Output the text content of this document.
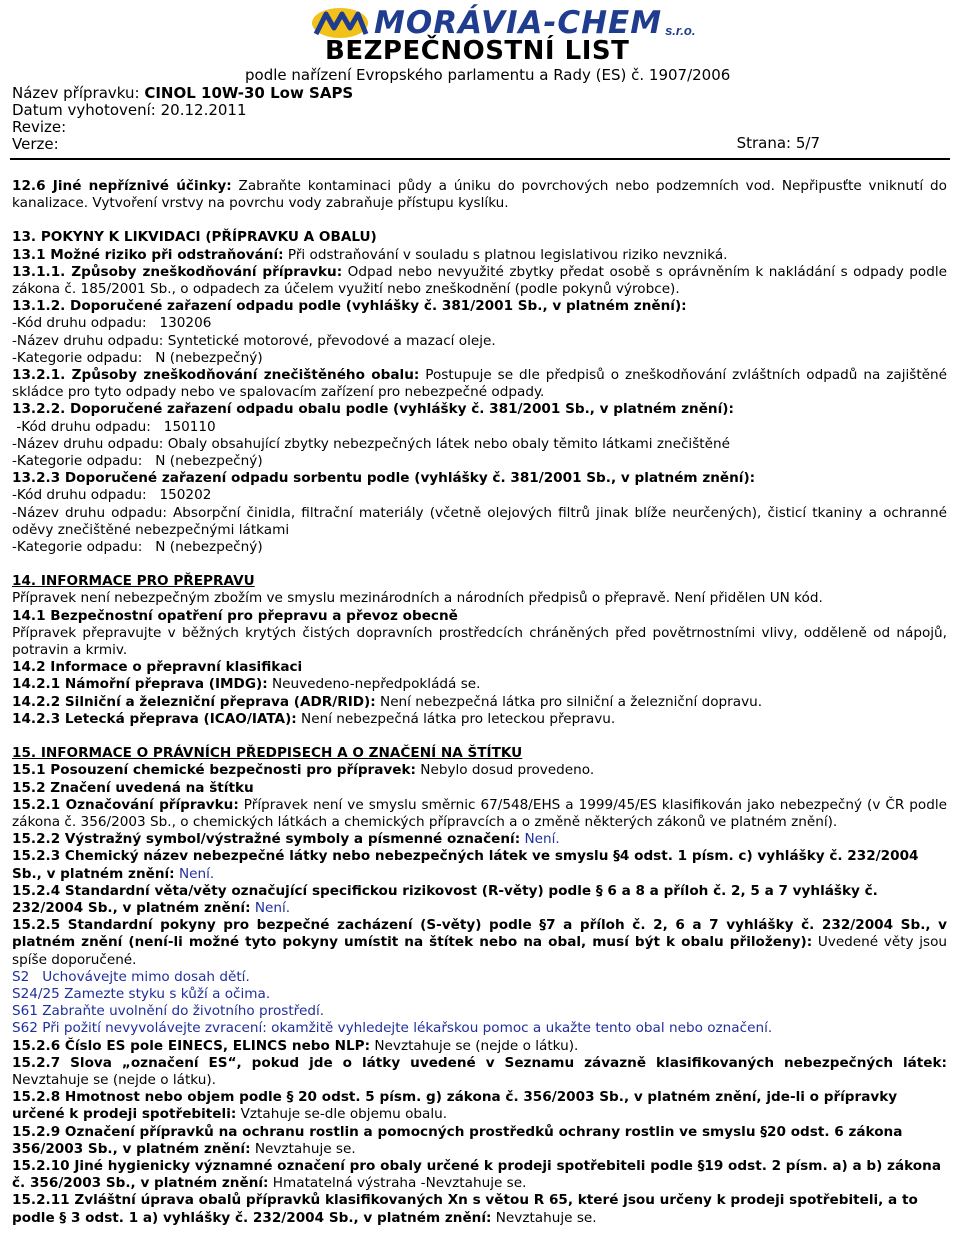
MORÁVIA-CHEM s.r.o.
BEZPEČNOSTNÍ LIST
podle nařízení Evropského parlamentu a Rady (ES) č. 1907/2006
Název přípravku: CINOL 10W-30 Low SAPS
Datum vyhotovení: 20.12.2011
Revize:
Verze:	Strana: 5/7

12.6 Jiné nepříznivé účinky: Zabraňte kontaminaci půdy a úniku do povrchových nebo podzemních vod. Nepřipusťte vniknutí do kanalizace. Vytvoření vrstvy na povrchu vody zabraňuje přístupu kyslíku.

13. POKYNY K LIKVIDACI (PŘÍPRAVKU A OBALU)

13.1 Možné riziko při odstraňování: Při odstraňování v souladu s platnou legislativou riziko nevzniká.

13.1.1. Způsoby zneškodňování přípravku: Odpad nebo nevyužité zbytky předat osobě s oprávněním k nakládání s odpady podle zákona č. 185/2001 Sb., o odpadech za účelem využití nebo zneškodnění (podle pokynů výrobce).

13.1.2. Doporučené zařazení odpadu podle (vyhlášky č. 381/2001 Sb., v platném znění):

-Kód druhu odpadu:   130206

-Název druhu odpadu: Syntetické motorové, převodové a mazací oleje.

-Kategorie odpadu:   N (nebezpečný)

13.2.1. Způsoby zneškodňování znečištěného obalu: Postupuje se dle předpisů o zneškodňování zvláštních odpadů na zajištěné skládce pro tyto odpady nebo ve spalovacím zařízení pro nebezpečné odpady.

13.2.2. Doporučené zařazení odpadu obalu podle (vyhlášky č. 381/2001 Sb., v platném znění):

-Kód druhu odpadu:   150110

-Název druhu odpadu: Obaly obsahující zbytky nebezpečných látek nebo obaly těmito látkami znečištěné

-Kategorie odpadu:   N (nebezpečný)

13.2.3 Doporučené zařazení odpadu sorbentu podle (vyhlášky č. 381/2001 Sb., v platném znění):

-Kód druhu odpadu:   150202

-Název druhu odpadu: Absorpční činidla, filtrační materiály (včetně olejových filtrů jinak blíže neurčených), čisticí tkaniny a ochranné oděvy znečištěné nebezpečnými látkami

-Kategorie odpadu:   N (nebezpečný)

14. INFORMACE PRO PŘEPRAVU

Přípravek není nebezpečným zbožím ve smyslu mezinárodních a národních předpisů o přepravě. Není přidělen UN kód.

14.1 Bezpečnostní opatření pro přepravu a převoz obecně

Přípravek přepravujte v běžných krytých čistých dopravních prostředcích chráněných před povětrnostními vlivy, odděleně od nápojů, potravin a krmiv.

14.2 Informace o přepravní klasifikaci

14.2.1 Námořní přeprava (IMDG): Neuvedeno-nepředpokládá se.

14.2.2 Silniční a železniční přeprava (ADR/RID): Není nebezpečná látka pro silniční a železniční dopravu.

14.2.3 Letecká přeprava (ICAO/IATA): Není nebezpečná látka pro leteckou přepravu.

15. INFORMACE O PRÁVNÍCH PŘEDPISECH A O ZNAČENÍ NA ŠTÍTKU

15.1 Posouzení chemické bezpečnosti pro přípravek: Nebylo dosud provedeno.

15.2 Značení uvedená na štítku

15.2.1 Označování přípravku: Přípravek není ve smyslu směrnic 67/548/EHS a 1999/45/ES klasifikován jako nebezpečný (v ČR podle zákona č. 356/2003 Sb., o chemických látkách a chemických přípravcích a o změně některých zákonů ve platném znění).

15.2.2 Výstražný symbol/výstražné symboly a písmenné označení: Není.

15.2.3 Chemický název nebezpečné látky nebo nebezpečných látek ve smyslu §4 odst. 1 písm. c) vyhlášky č. 232/2004 Sb., v platném znění: Není.

15.2.4 Standardní věta/věty označující specifickou rizikovost (R-věty) podle § 6 a 8 a příloh č. 2, 5 a 7 vyhlášky č. 232/2004 Sb., v platném znění: Není.

15.2.5 Standardní pokyny pro bezpečné zacházení (S-věty) podle §7 a příloh č. 2, 6 a 7 vyhlášky č. 232/2004 Sb., v platném znění (není-li možné tyto pokyny umístit na štítek nebo na obal, musí být k obalu přiloženy): Uvedené věty jsou spíše doporučené.

S2   Uchovávejte mimo dosah dětí.

S24/25 Zamezte styku s kůží a očima.

S61 Zabraňte uvolnění do životního prostředí.

S62 Při požití nevyvolávejte zvracení: okamžitě vyhledejte lékařskou pomoc a ukažte tento obal nebo označení.

15.2.6 Číslo ES pole EINECS, ELINCS nebo NLP: Nevztahuje se (nejde o látku).

15.2.7 Slova „označení ES“, pokud jde o látky uvedené v Seznamu závazně klasifikovaných nebezpečných látek: Nevztahuje se (nejde o látku).

15.2.8 Hmotnost nebo objem podle § 20 odst. 5 písm. g) zákona č. 356/2003 Sb., v platném znění, jde-li o přípravky určené k prodeji spotřebiteli: Vztahuje se-dle objemu obalu.

15.2.9 Označení přípravků na ochranu rostlin a pomocných prostředků ochrany rostlin ve smyslu §20 odst. 6 zákona 356/2003 Sb., v platném znění: Nevztahuje se.

15.2.10 Jiné hygienicky významné označení pro obaly určené k prodeji spotřebiteli podle §19 odst. 2 písm. a) a b) zákona č. 356/2003 Sb., v platném znění: Hmatatelná výstraha -Nevztahuje se.

15.2.11 Zvláštní úprava obalů přípravků klasifikovaných Xn s větou R 65, které jsou určeny k prodeji spotřebiteli, a to podle § 3 odst. 1 a) vyhlášky č. 232/2004 Sb., v platném znění: Nevztahuje se.
